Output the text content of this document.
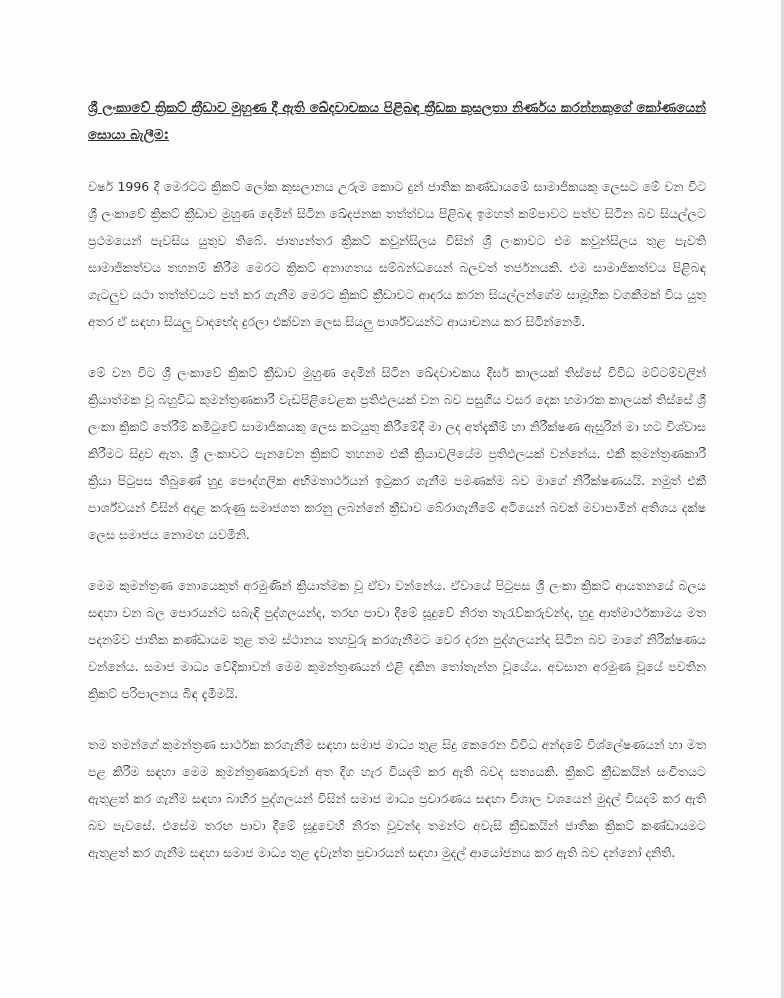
ශ්‍රී ලංකාවේ ක්‍රිකට් ක්‍රීඩාව මුහුණ දී ඇති ඛේදවාචකය පිළිබඳ ක්‍රීඩක කුසලතා නිර්ණය කරන්නකුගේ කෝණයෙන් සොයා බැලීම:

වර්ෂ 1996 දී මෙරටට ක්‍රිකට් ලෝක කුසලානය උරුම කොට දුන් ජාතික කණ්ඩායමේ සාමාජිකයකු ලෙසට මේ වන විට ශ්‍රී ලංකාවේ ක්‍රිකට් ක්‍රීඩාව මුහුණ දෙමින් සිටින ඛේදජනක තත්ත්වය පිළිබඳ ඉමහත් කම්පාවට පත්ව සිටින බව සියල්ලට ප්‍රථමයෙන් පැවසිය යුතුව තිබේ. ජාත්‍යන්තර ක්‍රිකට් කවුන්සිලය විසින් ශ්‍රී ලංකාවට එම කවුන්සිලය තුළ පැවති සාමාජිකත්වය තහනම් කිරීම මෙරට ක්‍රිකට් අනාගතය සම්බන්ධයෙන් බලවත් තර්ජනයකි. එම සාමාජිකත්වය පිළිබඳ ගැටලුව යථා තත්ත්වයට පත් කර ගැනීම මෙරට ක්‍රිකට් ක්‍රීඩාවට ආදරය කරන සියල්ලන්ගේම සාමූහික වගකීමක් විය යුතු අතර ඒ සඳහා සියලු වාදභේද දුරලා එක්වන ලෙස සියලු පාර්ශ්වයන්ට ආයාචනය කර සිටින්නෙමි.

මේ වන විට ශ්‍රී ලංකාවේ ක්‍රිකට් ක්‍රීඩාව මුහුණ දෙමින් සිටින ඛේදවාචකය දීර්ඝ කාලයක් තිස්සේ විවිධ මට්ටම්වලින් ක්‍රියාත්මක වූ බහුවිධ කුමන්ත්‍රණකාරී වැඩපිළිවෙළක ප්‍රතිඵලයක් වන බව පසුගිය වසර දෙක හමාරක කාලයක් තිස්සේ ශ්‍රී ලංකා ක්‍රිකට් තේරීම් කමිටුවේ සාමාජිකයකු ලෙස කටයුතු කිරීමේදී මා ලද අත්දැකීම් හා නිරීක්ෂණ ඇසුරින් මා හට විශ්වාස කිරීමට සිදුව ඇත. ශ්‍රී ලංකාවට පැනවෙන ක්‍රිකට් තහනම එකී ක්‍රියාවලියේම ප්‍රතිඵලයක් වන්නේය. එකී කුමන්ත්‍රණකාරී ක්‍රියා පිටුපස තිබුණේ හුදු පෞද්ගලික අභිමතාර්ථයන් ඉටුකර ගැනීම පමණක්ම බව මාගේ නිරීක්ෂණයයි. නමුත් එකී පාර්ශ්වයන් විසින් අදාළ කරුණු සමාජගත කරනු ලබන්නේ ක්‍රීඩාව බේරාගැනීමේ අටියෙන් බවක් මවාපාමින් අතිශය දක්ෂ ලෙස සමාජය නොමඟ යවමිනි.

මෙම කුමන්ත්‍රණ නොයෙකුත් අරමුණින් ක්‍රියාත්මක වූ ඒවා වන්නේය. ඒවායේ පිටුපස ශ්‍රී ලංකා ක්‍රිකට් ආයතනයේ බලය සඳහා වන බල පොරයන්ට සබැඳි පුද්ගලයන්ද, තරඟ පාවා දීමේ සූදුවේ නිරත තැරැව්කරුවන්ද, හුදු ආත්මාර්ථකාමය මත පදනම්ව ජාතික කණ්ඩායම තුළ තම ස්ථානය තහවුරු කරගැනීමට වෙර දරන පුද්ගලයන්ද සිටින බව මාගේ නිරීක්ෂණය වන්නේය. සමාජ මාධ්‍ය වේදිකාවන් මෙම කුමන්ත්‍රණයන් එළි දකින තෝතැන්න වූයේය. අවසාන අරමුණ වූයේ පවතින ක්‍රිකට් පරිපාලනය බිඳ දැමීමයි.

තම තමන්ගේ කුමන්ත්‍රණ සාර්ථක කරගැනීම සඳහා සමාජ මාධ්‍ය තුළ සිදු කෙරෙන විවිධ අන්දමේ විශ්ලේෂණයන් හා මත පළ කිරීම සඳහා මෙම කුමන්ත්‍රණකරුවන් අත දිග හැර වියදම් කර ඇති බවද සත්‍යයකි. ක්‍රිකට් ක්‍රීඩකයින් සංචිතයට ඇතුළත් කර ගැනීම සඳහා බාහිර පුද්ගලයන් විසින් සමාජ මාධ්‍ය ප්‍රචාරණය සඳහා විශාල වශයෙන් මුදල් වියදම් කර ඇති බව පැවසේ. එසේම තරඟ පාවා දීමේ සූදුවෙහි නිරත වූවන්ද තමන්ට අවැසි ක්‍රීඩකයින් ජාතික ක්‍රිකට් කණ්ඩායමට ඇතුළත් කර ගැනීම සඳහා සමාජ මාධ්‍ය තුළ දැවැන්ත ප්‍රචාරයන් සඳහා මුදල් ආයෝජනය කර ඇති බව දන්නෝ දනිති.
